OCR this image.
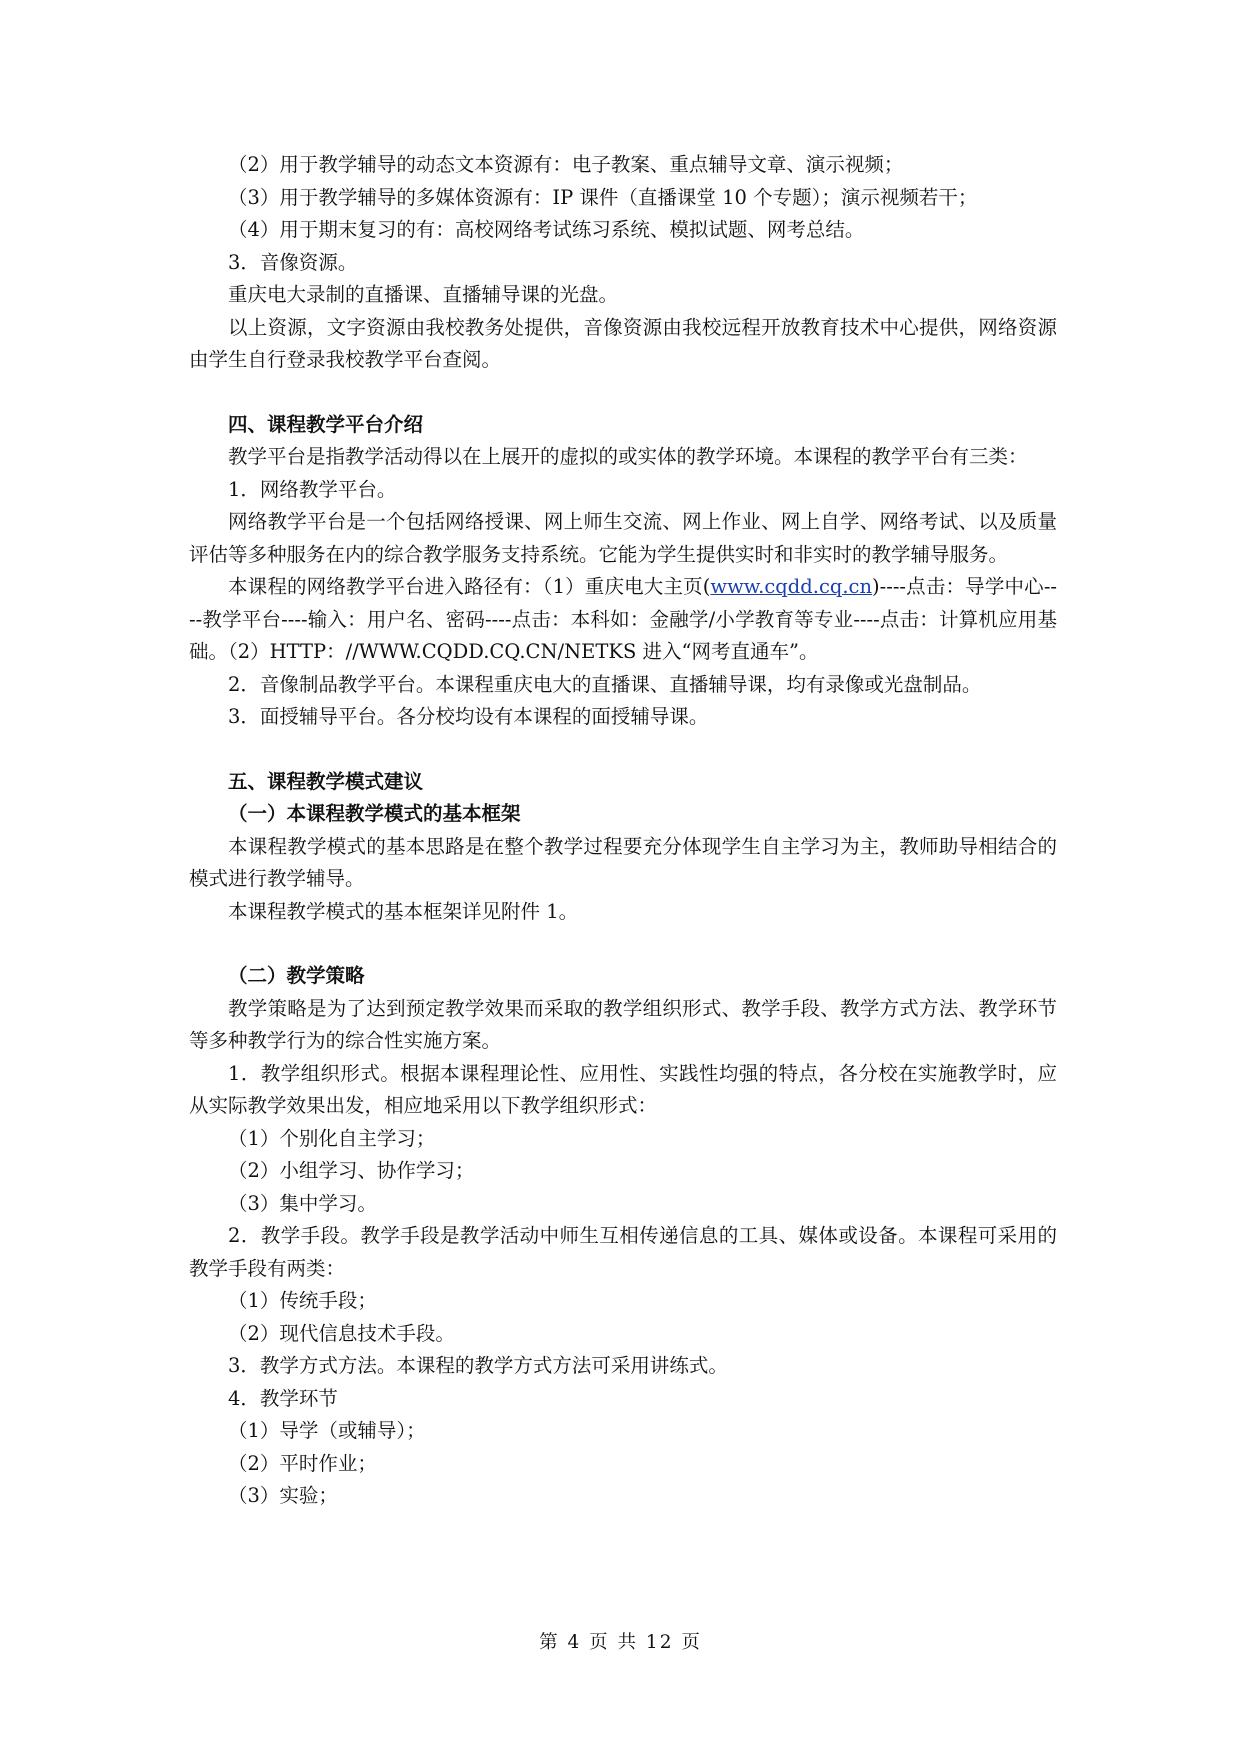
（2）用于教学辅导的动态文本资源有：电子教案、重点辅导文章、演示视频；

（3）用于教学辅导的多媒体资源有：IP 课件（直播课堂 10 个专题）；演示视频若干；

（4）用于期末复习的有：高校网络考试练习系统、模拟试题、网考总结。

3．音像资源。

重庆电大录制的直播课、直播辅导课的光盘。

以上资源，文字资源由我校教务处提供，音像资源由我校远程开放教育技术中心提供，网络资源由学生自行登录我校教学平台查阅。

四、课程教学平台介绍

教学平台是指教学活动得以在上展开的虚拟的或实体的教学环境。本课程的教学平台有三类：

1．网络教学平台。

网络教学平台是一个包括网络授课、网上师生交流、网上作业、网上自学、网络考试、以及质量评估等多种服务在内的综合教学服务支持系统。它能为学生提供实时和非实时的教学辅导服务。

本课程的网络教学平台进入路径有：（1）重庆电大主页(www.cqdd.cq.cn)----点击：导学中心----教学平台----输入：用户名、密码----点击：本科如：金融学/小学教育等专业----点击：计算机应用基础。（2）HTTP：//WWW.CQDD.CQ.CN/NETKS 进入“网考直通车”。

2．音像制品教学平台。本课程重庆电大的直播课、直播辅导课，均有录像或光盘制品。

3．面授辅导平台。各分校均设有本课程的面授辅导课。

五、课程教学模式建议

（一）本课程教学模式的基本框架

本课程教学模式的基本思路是在整个教学过程要充分体现学生自主学习为主，教师助导相结合的模式进行教学辅导。

本课程教学模式的基本框架详见附件 1。

（二）教学策略

教学策略是为了达到预定教学效果而采取的教学组织形式、教学手段、教学方式方法、教学环节等多种教学行为的综合性实施方案。

1．教学组织形式。根据本课程理论性、应用性、实践性均强的特点，各分校在实施教学时，应从实际教学效果出发，相应地采用以下教学组织形式：

（1）个别化自主学习；

（2）小组学习、协作学习；

（3）集中学习。

2．教学手段。教学手段是教学活动中师生互相传递信息的工具、媒体或设备。本课程可采用的教学手段有两类：

（1）传统手段；

（2）现代信息技术手段。

3．教学方式方法。本课程的教学方式方法可采用讲练式。

4．教学环节

（1）导学（或辅导）；

（2）平时作业；

（3）实验；

第 4 页 共 12 页
